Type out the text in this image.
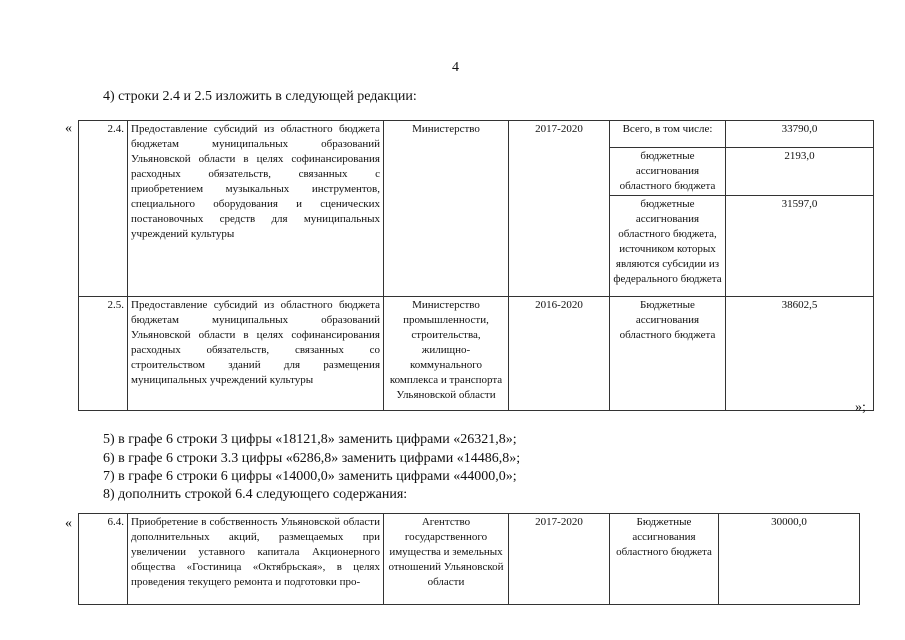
4
4) строки 2.4 и 2.5 изложить в следующей редакции:
«	2.4.	Предоставление субсидий из областного бюджета бюджетам муниципальных образований Ульяновской области в целях софинансирования расходных обязательств, связанных с приобретением музыкальных инструментов, специального оборудования и сценических постановочных средств для муниципальных учреждений культуры	Министерство	2017-2020	Всего, в том числе:	33790,0
				бюджетные ассигнования областного бюджета	2193,0
				бюджетные ассигнования областного бюджета, источником которых являются субсидии из федерального бюджета	31597,0
2.5.	Предоставление субсидий из областного бюджета бюджетам муниципальных образований Ульяновской области в целях софинансирования расходных обязательств, связанных со строительством зданий для размещения муниципальных учреждений культуры	Министерство промышленности, строительства, жилищно-коммунального комплекса и транспорта Ульяновской области	2016-2020	Бюджетные ассигнования областного бюджета	38602,5
»;
5) в графе 6 строки 3 цифры «18121,8» заменить цифрами «26321,8»;
6) в графе 6 строки 3.3 цифры «6286,8» заменить цифрами «14486,8»;
7) в графе 6 строки 6 цифры «14000,0» заменить цифрами «44000,0»;
8) дополнить строкой 6.4 следующего содержания:
«	6.4.	Приобретение в собственность Ульяновской области дополнительных акций, размещаемых при увеличении уставного капитала Акционерного общества «Гостиница «Октябрьская», в целях проведения текущего ремонта и подготовки про-	Агентство государственного имущества и земельных отношений Ульяновской области	2017-2020	Бюджетные ассигнования областного бюджета	30000,0
